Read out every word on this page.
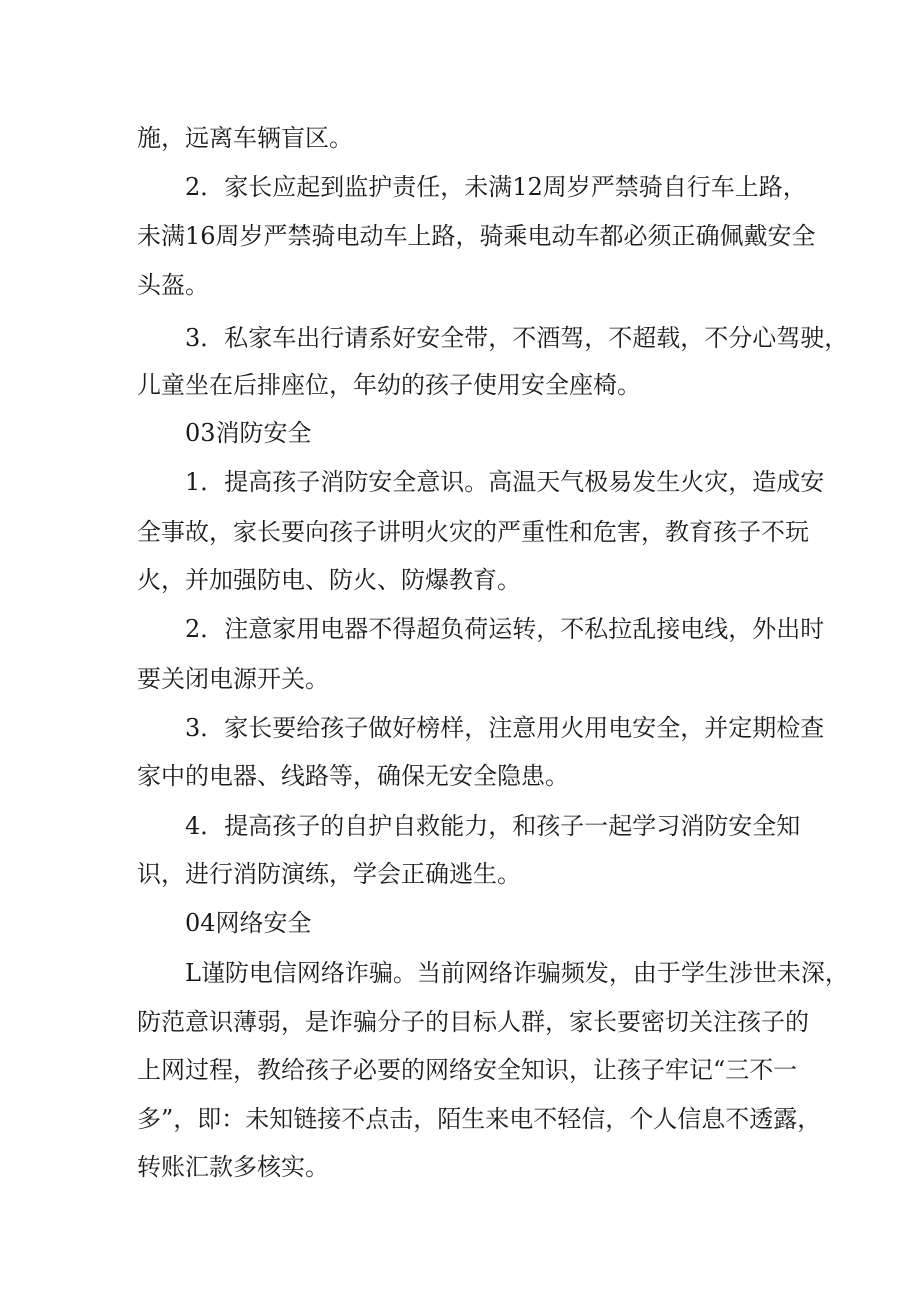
施，远离车辆盲区。
2．家长应起到监护责任，未满12周岁严禁骑自行车上路，
未满16周岁严禁骑电动车上路，骑乘电动车都必须正确佩戴安全
头盔。
3．私家车出行请系好安全带，不酒驾，不超载，不分心驾驶，
儿童坐在后排座位，年幼的孩子使用安全座椅。
03消防安全
1．提高孩子消防安全意识。高温天气极易发生火灾，造成安
全事故，家长要向孩子讲明火灾的严重性和危害，教育孩子不玩
火，并加强防电、防火、防爆教育。
2．注意家用电器不得超负荷运转，不私拉乱接电线，外出时
要关闭电源开关。
3．家长要给孩子做好榜样，注意用火用电安全，并定期检查
家中的电器、线路等，确保无安全隐患。
4．提高孩子的自护自救能力，和孩子一起学习消防安全知
识，进行消防演练，学会正确逃生。
04网络安全
L谨防电信网络诈骗。当前网络诈骗频发，由于学生涉世未深，
防范意识薄弱，是诈骗分子的目标人群，家长要密切关注孩子的
上网过程，教给孩子必要的网络安全知识，让孩子牢记“三不一
多”，即：未知链接不点击，陌生来电不轻信，个人信息不透露，
转账汇款多核实。
